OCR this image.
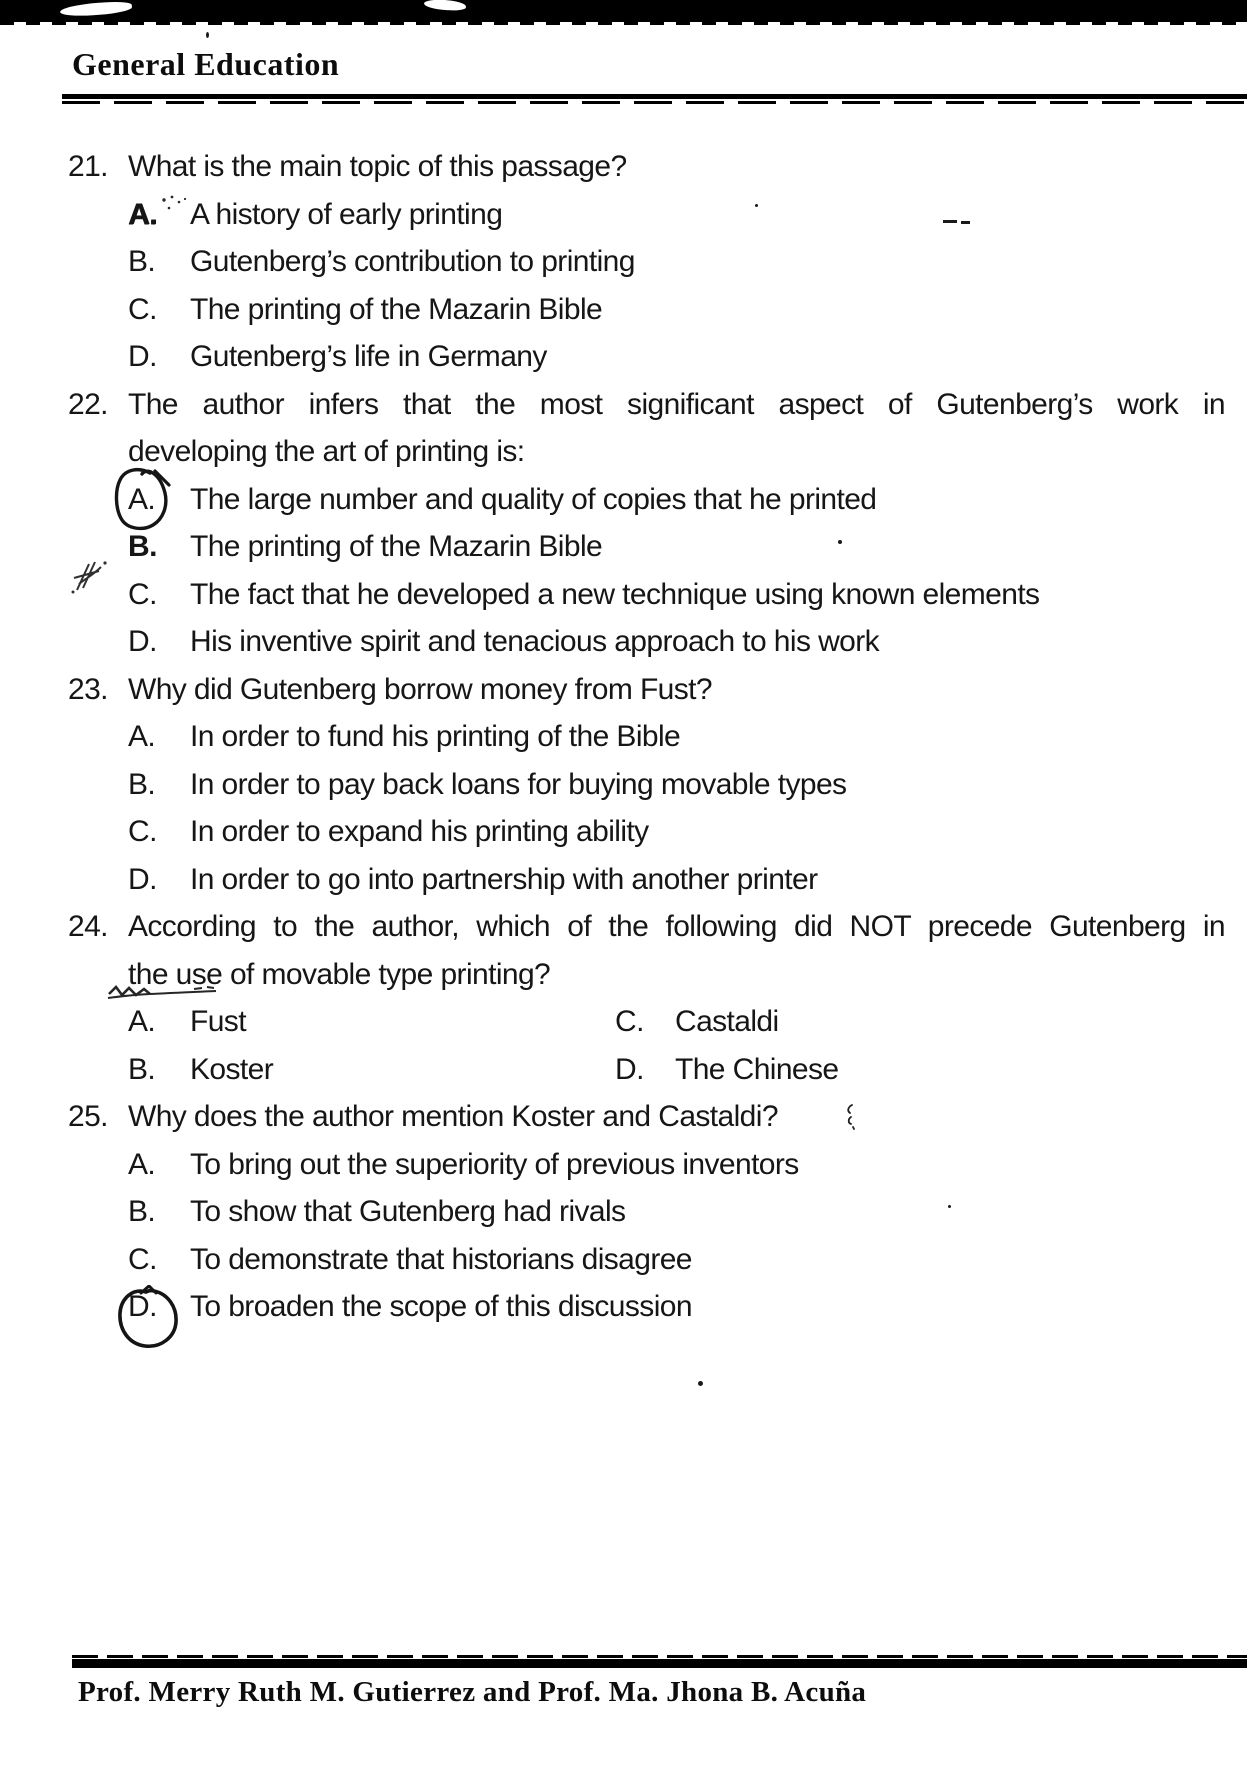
General Education
21. What is the main topic of this passage?
A. A history of early printing
B. Gutenberg’s contribution to printing
C. The printing of the Mazarin Bible
D. Gutenberg’s life in Germany
22. The author infers that the most significant aspect of Gutenberg’s work in
developing the art of printing is:
A. The large number and quality of copies that he printed
B. The printing of the Mazarin Bible
C. The fact that he developed a new technique using known elements
D. His inventive spirit and tenacious approach to his work
23. Why did Gutenberg borrow money from Fust?
A. In order to fund his printing of the Bible
B. In order to pay back loans for buying movable types
C. In order to expand his printing ability
D. In order to go into partnership with another printer
24. According to the author, which of the following did NOT precede Gutenberg in
the use of movable type printing?
A. Fust	C. Castaldi
B. Koster	D. The Chinese
25. Why does the author mention Koster and Castaldi?
A. To bring out the superiority of previous inventors
B. To show that Gutenberg had rivals
C. To demonstrate that historians disagree
D. To broaden the scope of this discussion

Prof. Merry Ruth M. Gutierrez and Prof. Ma. Jhona B. Acuña
